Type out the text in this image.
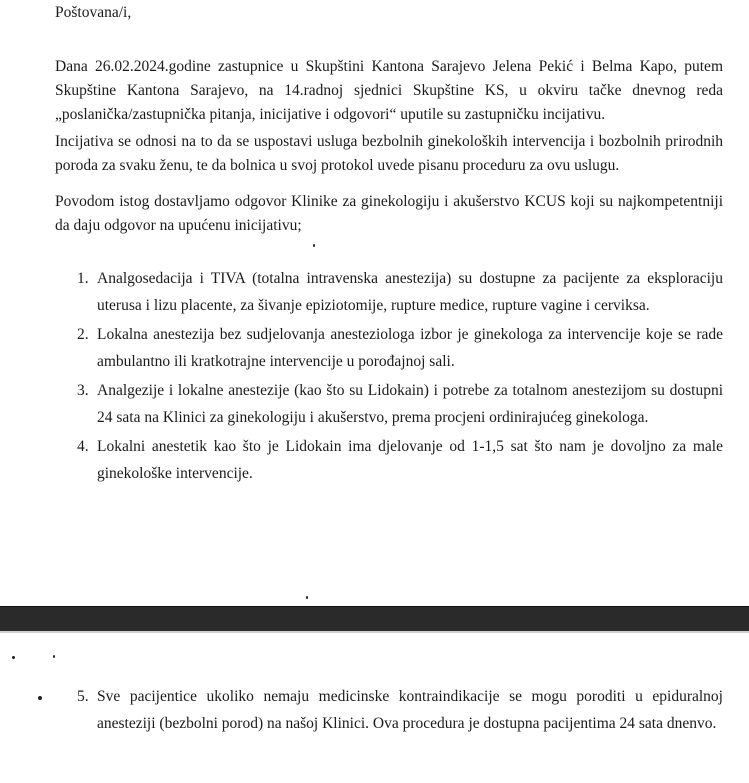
Poštovana/i,

Dana 26.02.2024.godine zastupnice u Skupštini Kantona Sarajevo Jelena Pekić i Belma Kapo, putem Skupštine Kantona Sarajevo, na 14.radnoj sjednici Skupštine KS, u okviru tačke dnevnog reda „poslanička/zastupnička pitanja, inicijative i odgovori“ uputile su zastupničku incijativu.

Incijativa se odnosi na to da se uspostavi usluga bezbolnih ginekoloških intervencija i bozbolnih prirodnih poroda za svaku ženu, te da bolnica u svoj protokol uvede pisanu proceduru za ovu uslugu.

Povodom istog dostavljamo odgovor Klinike za ginekologiju i akušerstvo KCUS koji su najkompetentniji da daju odgovor na upućenu inicijativu;

1. Analgosedacija i TIVA (totalna intravenska anestezija) su dostupne za pacijente za eksploraciju uterusa i lizu placente, za šivanje epiziotomije, rupture medice, rupture vagine i cerviksa.
2. Lokalna anestezija bez sudjelovanja anesteziologa izbor je ginekologa za intervencije koje se rade ambulantno ili kratkotrajne intervencije u porođajnoj sali.
3. Analgezije i lokalne anestezije (kao što su Lidokain) i potrebe za totalnom anestezijom su dostupni 24 sata na Klinici za ginekologiju i akušerstvo, prema procjeni ordinirajućeg ginekologa.
4. Lokalni anestetik kao što je Lidokain ima djelovanje od 1-1,5 sat što nam je dovoljno za male ginekološke intervencije.
5. Sve pacijentice ukoliko nemaju medicinske kontraindikacije se mogu poroditi u epiduralnoj anesteziji (bezbolni porod) na našoj Klinici. Ova procedura je dostupna pacijentima 24 sata dnenvo.
